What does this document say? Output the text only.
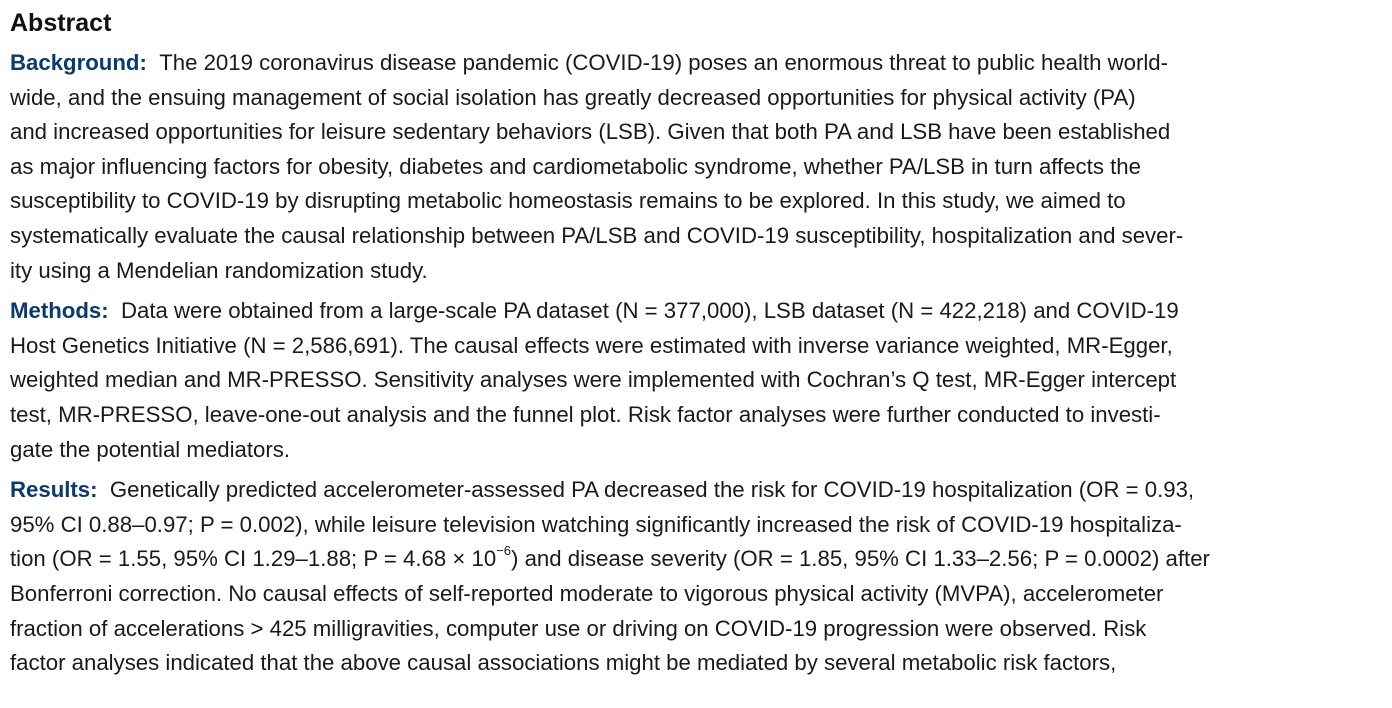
Abstract

Background: The 2019 coronavirus disease pandemic (COVID-19) poses an enormous threat to public health world-
wide, and the ensuing management of social isolation has greatly decreased opportunities for physical activity (PA)
and increased opportunities for leisure sedentary behaviors (LSB). Given that both PA and LSB have been established
as major influencing factors for obesity, diabetes and cardiometabolic syndrome, whether PA/LSB in turn affects the
susceptibility to COVID-19 by disrupting metabolic homeostasis remains to be explored. In this study, we aimed to
systematically evaluate the causal relationship between PA/LSB and COVID-19 susceptibility, hospitalization and sever-
ity using a Mendelian randomization study.

Methods: Data were obtained from a large-scale PA dataset (N = 377,000), LSB dataset (N = 422,218) and COVID-19
Host Genetics Initiative (N = 2,586,691). The causal effects were estimated with inverse variance weighted, MR-Egger,
weighted median and MR-PRESSO. Sensitivity analyses were implemented with Cochran’s Q test, MR-Egger intercept
test, MR-PRESSO, leave-one-out analysis and the funnel plot. Risk factor analyses were further conducted to investi-
gate the potential mediators.

Results: Genetically predicted accelerometer-assessed PA decreased the risk for COVID-19 hospitalization (OR = 0.93,
95% CI 0.88–0.97; P = 0.002), while leisure television watching significantly increased the risk of COVID-19 hospitaliza-
tion (OR = 1.55, 95% CI 1.29–1.88; $P = 4.68 \times 10^{-6}$) and disease severity (OR = 1.85, 95% CI 1.33–2.56; P = 0.0002) after
Bonferroni correction. No causal effects of self-reported moderate to vigorous physical activity (MVPA), accelerometer
fraction of accelerations > 425 milligravities, computer use or driving on COVID-19 progression were observed. Risk
factor analyses indicated that the above causal associations might be mediated by several metabolic risk factors,
